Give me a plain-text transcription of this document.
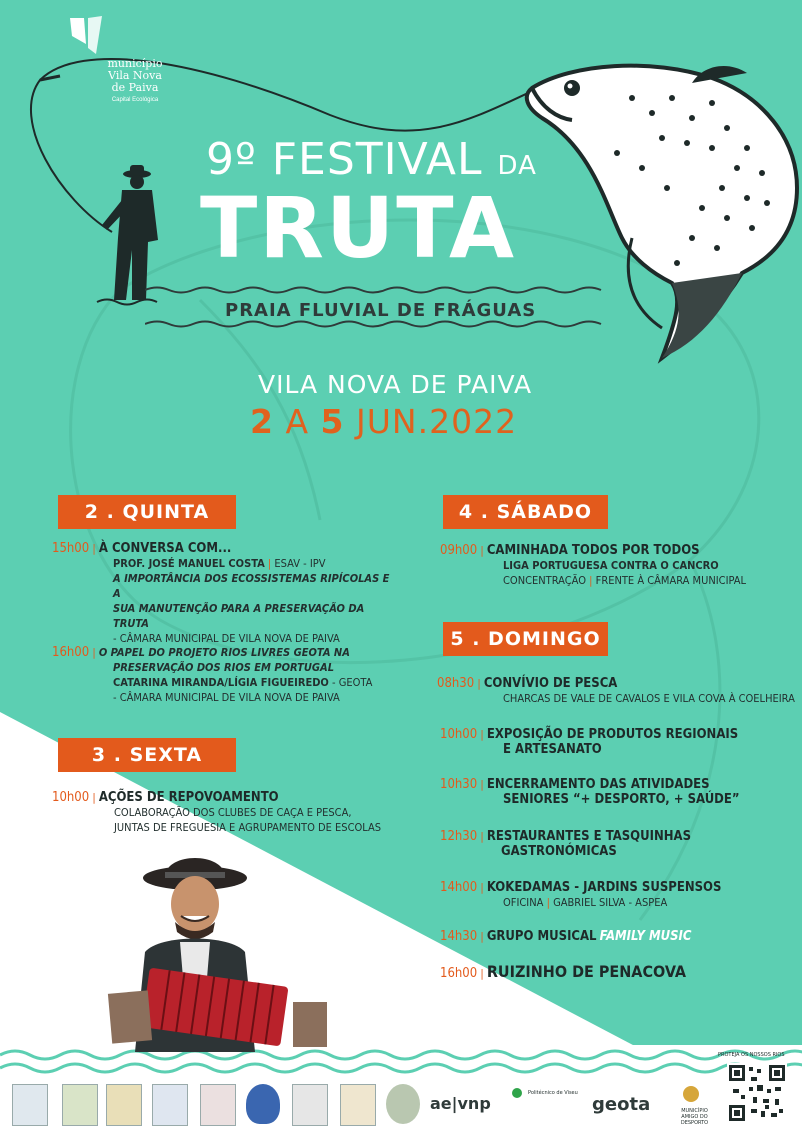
município
Vila Nova
de Paiva
Capital Ecológica
9º FESTIVAL DA
TRUTA
PRAIA FLUVIAL DE FRÁGUAS
VILA NOVA DE PAIVA
2 A 5 JUN.2022
2 . QUINTA
15h00 | À CONVERSA COM...
PROF. JOSÉ MANUEL COSTA | ESAV - IPV
A IMPORTÂNCIA DOS ECOSSISTEMAS RIPÍCOLAS E A
SUA MANUTENÇÃO PARA A PRESERVAÇÃO DA TRUTA
- CÂMARA MUNICIPAL DE VILA NOVA DE PAIVA
16h00 | O PAPEL DO PROJETO RIOS LIVRES GEOTA NA
PRESERVAÇÃO DOS RIOS EM PORTUGAL
CATARINA MIRANDA/LÍGIA FIGUEIREDO - GEOTA
- CÂMARA MUNICIPAL DE VILA NOVA DE PAIVA
3 . SEXTA
10h00 | AÇÕES DE REPOVOAMENTO
COLABORAÇÃO DOS CLUBES DE CAÇA E PESCA,
JUNTAS DE FREGUESIA E AGRUPAMENTO DE ESCOLAS
4 . SÁBADO
09h00 | CAMINHADA TODOS POR TODOS
LIGA PORTUGUESA CONTRA O CANCRO
CONCENTRAÇÃO | FRENTE À CÂMARA MUNICIPAL
5 . DOMINGO
08h30 | CONVÍVIO DE PESCA
CHARCAS DE VALE DE CAVALOS E VILA COVA À COELHEIRA
10h00 | EXPOSIÇÃO DE PRODUTOS REGIONAIS
E ARTESANATO
10h30 | ENCERRAMENTO DAS ATIVIDADES
SENIORES “+ DESPORTO, + SAÚDE”
12h30 | RESTAURANTES E TASQUINHAS
GASTRONÓMICAS
14h00 | KOKEDAMAS - JARDINS SUSPENSOS
OFICINA | GABRIEL SILVA - ASPEA
14h30 | GRUPO MUSICAL FAMILY MUSIC
16h00 | RUIZINHO DE PENACOVA
PROTEJA OS NOSSOS RIOS
ae|vnp
Politécnico de Viseu
geota	MUNICÍPIO AMIGO DO DESPORTO
